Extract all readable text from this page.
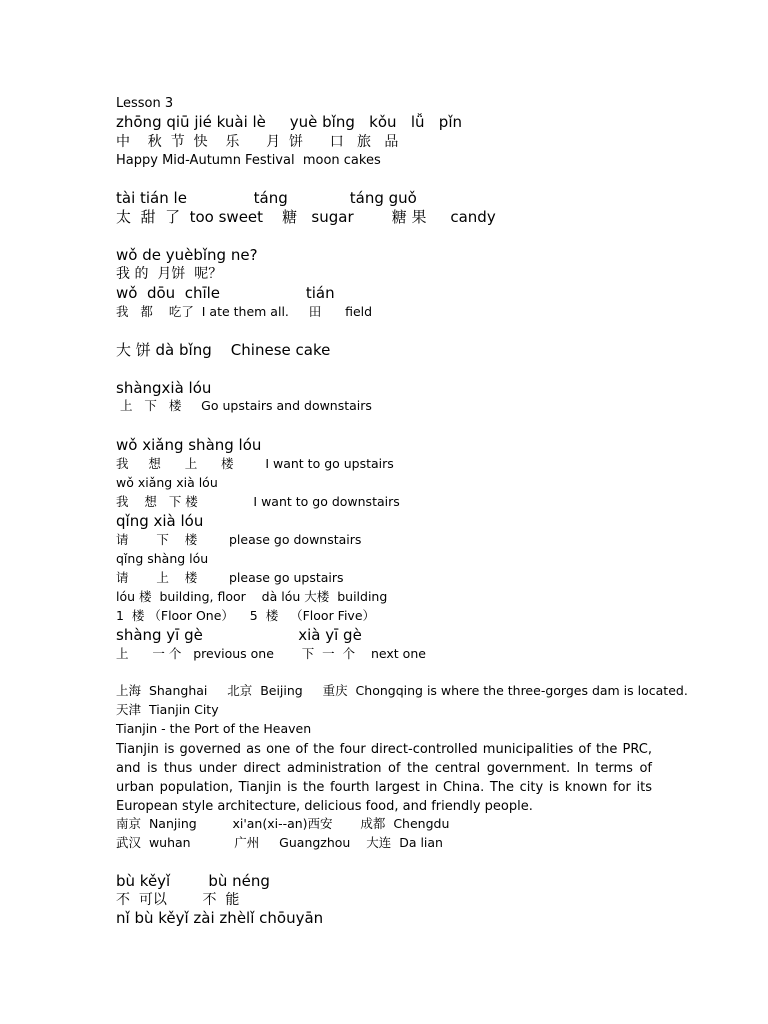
Lesson 3
zhōng qiū jié kuài lè     yuè bǐng   kǒu   lǚ   pǐn
中    秋  节  快    乐      月  饼      口   旅   品
Happy Mid-Autumn Festival  moon cakes
tài tián le              táng             táng guǒ
太  甜  了  too sweet    糖   sugar        糖 果     candy
wǒ de yuèbǐng ne?
我 的  月饼  呢？
wǒ  dōu  chīle                  tián
我   都    吃了  I ate them all.     田      field
大 饼 dà bǐng    Chinese cake
shàngxià lóu
上   下   楼     Go upstairs and downstairs
wǒ xiǎng shàng lóu
我     想      上      楼        I want to go upstairs
wǒ xiǎng xià lóu
我    想   下 楼              I want to go downstairs
qǐng xià lóu
请       下    楼        please go downstairs
qǐng shàng lóu
请       上    楼        please go upstairs
lóu 楼  building, floor    dà lóu 大楼  building
1  楼 （Floor One）    5  楼   （Floor Five）
shàng yī gè                    xià yī gè
上      一 个   previous one       下  一  个    next one
上海  Shanghai     北京  Beijing     重庆  Chongqing is where the three-gorges dam is located.
天津  Tianjin City
Tianjin - the Port of the Heaven
Tianjin is governed as one of the four direct-controlled municipalities of the PRC, and is thus under direct administration of the central government. In terms of urban population, Tianjin is the fourth largest in China. The city is known for its European style architecture, delicious food, and friendly people.
南京  Nanjing         xi'an(xi--an)西安       成都  Chengdu
武汉  wuhan           广州     Guangzhou    大连  Da lian
bù kěyǐ        bù néng
不  可以        不  能
nǐ bù kěyǐ zài zhèlǐ chōuyān
